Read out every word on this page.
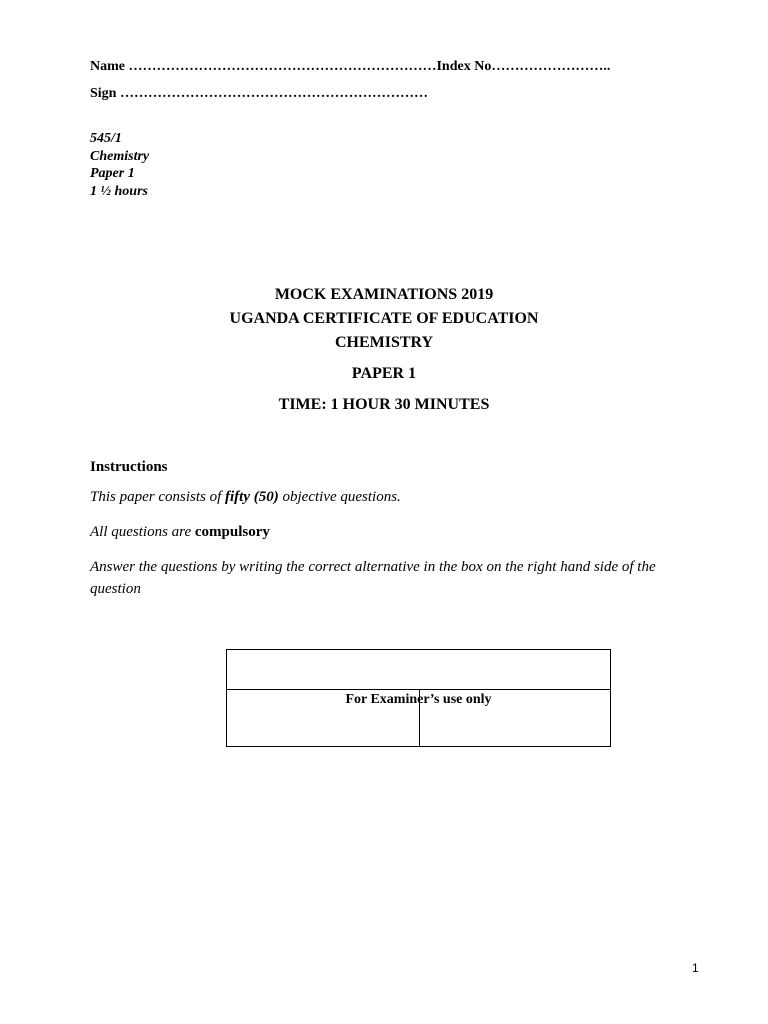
Name …………………………………………………………Index No……………………..
Sign …………………………………………………………
545/1
Chemistry
Paper 1
1 ½ hours
MOCK EXAMINATIONS 2019
UGANDA CERTIFICATE OF EDUCATION
CHEMISTRY
PAPER 1
TIME: 1 HOUR 30 MINUTES
Instructions
This paper consists of fifty (50) objective questions.
All questions are compulsory
Answer the questions by writing the correct alternative in the box on the right hand side of the question
For Examiner’s use only
1
